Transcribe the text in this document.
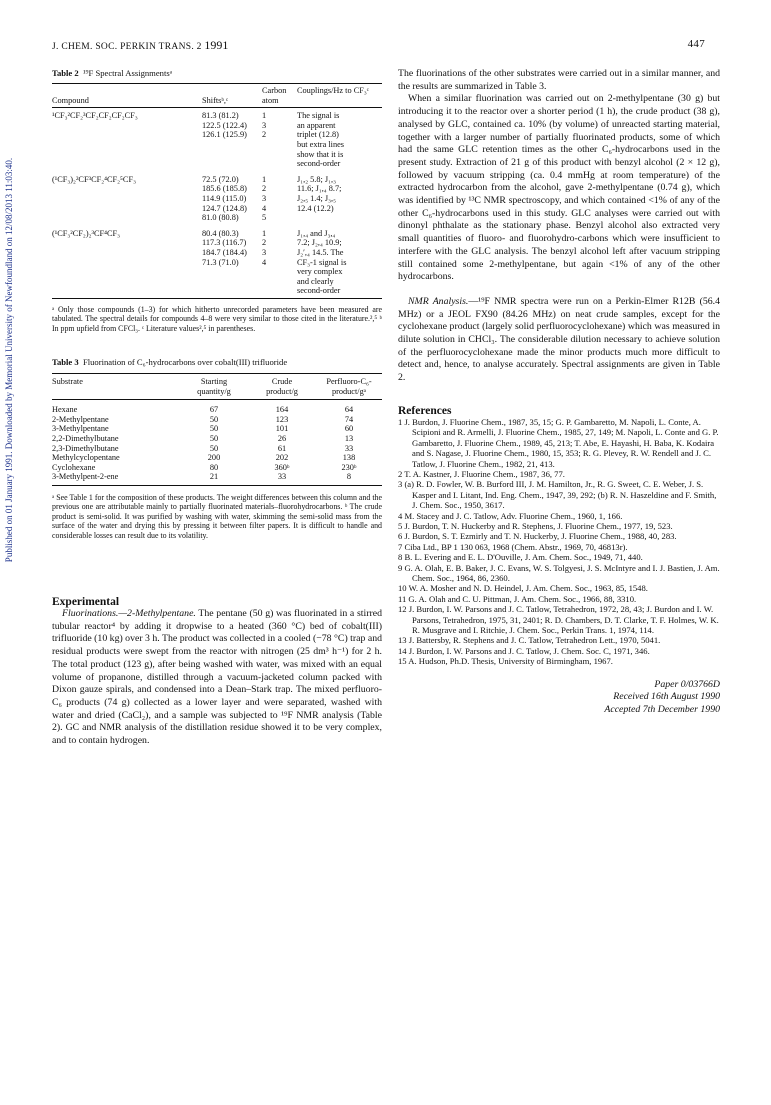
J. CHEM. SOC. PERKIN TRANS. 2 1991	447
Published on 01 January 1991. Downloaded by Memorial University of Newfoundland on 12/08/2013 11:03:40.
Table 2 ¹⁹F Spectral Assignmentsᵃ
Compound	Shiftsᵇ,ᶜ	Carbon atom	Couplings/Hz to CF₃ᶜ

¹CF₃²CF₂³CF₂CF₂CF₂CF₃	81.3 (81.2)	1	The signal is
	122.5 (122.4)	3	an apparent
	126.1 (125.9)	2	triplet (12.8)
			but extra lines
			show that it is
			second-order

(¹CF₃)₂²CF³CF₂⁴CF₂⁵CF₃	72.5 (72.0)	1	J₁,₂ 5.8; J₁,₃
	185.6 (185.8)	2	11.6; J₁,₄ 8.7;
	114.9 (115.0)	3	J₂,₅ 1.4; J₃,₅
	124.7 (124.8)	4	12.4 (12.2)
	81.0 (80.8)	5	

(¹CF₃²CF₂)₂³CF⁴CF₃	80.4 (80.3)	1	J₁,₄ and J₃,₄
	117.3 (116.7)	2	7.2; J₂,₄ 10.9;
	184.7 (184.4)	3	J₂′,₄ 14.5. The
	71.3 (71.0)	4	CF₃-1 signal is
			very complex
			and clearly
			second-order
ᵃ Only those compounds (1–3) for which hitherto unrecorded parameters have been measured are tabulated. The spectral details for compounds 4–8 were very similar to those cited in the literature.²,⁵ ᵇ In ppm upfield from CFCl₃. ᶜ Literature values²,⁵ in parentheses.
Table 3 Fluorination of C₆-hydrocarbons over cobalt(III) trifluoride
Substrate	Starting	Crude	Perfluoro-C₆-
	quantity/g	product/g	product/gᵃ

Hexane	67	164	64
2-Methylpentane	50	123	74
3-Methylpentane	50	101	60
2,2-Dimethylbutane	50	26	13
2,3-Dimethylbutane	50	61	33
Methylcyclopentane	200	202	138
Cyclohexane	80	360ᵇ	230ᵇ
3-Methylpent-2-ene	21	33	8
ᵃ See Table 1 for the composition of these products. The weight differences between this column and the previous one are attributable mainly to partially fluorinated materials–fluorohydrocarbons. ᵇ The crude product is semi-solid. It was purified by washing with water, skimming the semi-solid mass from the surface of the water and drying this by pressing it between filter papers. It is difficult to handle and considerable losses can result due to its volatility.
Experimental

Fluorinations.—2-Methylpentane. The pentane (50 g) was fluorinated in a stirred tubular reactor⁴ by adding it dropwise to a heated (360 °C) bed of cobalt(III) trifluoride (10 kg) over 3 h. The product was collected in a cooled (−78 °C) trap and residual products were swept from the reactor with nitrogen (25 dm³ h⁻¹) for 2 h. The total product (123 g), after being washed with water, was mixed with an equal volume of propanone, distilled through a vacuum-jacketed column packed with Dixon gauze spirals, and condensed into a Dean–Stark trap. The mixed perfluoro-C₆ products (74 g) collected as a lower layer and were separated, washed with water and dried (CaCl₂), and a sample was subjected to ¹⁹F NMR analysis (Table 2). GC and NMR analysis of the distillation residue showed it to be very complex, and to contain hydrogen.

The fluorinations of the other substrates were carried out in a similar manner, and the results are summarized in Table 3.

When a similar fluorination was carried out on 2-methylpentane (30 g) but introducing it to the reactor over a shorter period (1 h), the crude product (38 g), analysed by GLC, contained ca. 10% (by volume) of unreacted starting material, together with a larger number of partially fluorinated products, some of which had the same GLC retention times as the other C₆-hydrocarbons used in the present study. Extraction of 21 g of this product with benzyl alcohol (2 × 12 g), followed by vacuum stripping (ca. 0.4 mmHg at room temperature) of the extracted hydrocarbon from the alcohol, gave 2-methylpentane (0.74 g), which was identified by ¹³C NMR spectroscopy, and which contained <1% of any of the other C₆-hydrocarbons used in this study. GLC analyses were carried out with dinonyl phthalate as the stationary phase. Benzyl alcohol also extracted very small quantities of fluoro- and fluorohydro-carbons which were insufficient to interfere with the GLC analysis. The benzyl alcohol left after vacuum stripping still contained some 2-methylpentane, but again <1% of any of the other hydrocarbons.

NMR Analysis.—¹⁹F NMR spectra were run on a Perkin-Elmer R12B (56.4 MHz) or a JEOL FX90 (84.26 MHz) on neat crude samples, except for the cyclohexane product (largely solid perfluorocyclohexane) which was measured in dilute solution in CHCl₃. The considerable dilution necessary to achieve solution of the perfluorocyclohexane made the minor products much more difficult to detect and, hence, to analyse accurately. Spectral assignments are given in Table 2.

References
1 J. Burdon, J. Fluorine Chem., 1987, 35, 15; G. P. Gambaretto, M. Napoli, L. Conte, A. Scipioni and R. Armelli, J. Fluorine Chem., 1985, 27, 149; M. Napoli, L. Conte and G. P. Gambaretto, J. Fluorine Chem., 1989, 45, 213; T. Abe, E. Hayashi, H. Baba, K. Kodaira and S. Nagase, J. Fluorine Chem., 1980, 15, 353; R. G. Plevey, R. W. Rendell and J. C. Tatlow, J. Fluorine Chem., 1982, 21, 413.
2 T. A. Kastner, J. Fluorine Chem., 1987, 36, 77.
3 (a) R. D. Fowler, W. B. Burford III, J. M. Hamilton, Jr., R. G. Sweet, C. E. Weber, J. S. Kasper and I. Litant, Ind. Eng. Chem., 1947, 39, 292; (b) R. N. Haszeldine and F. Smith, J. Chem. Soc., 1950, 3617.
4 M. Stacey and J. C. Tatlow, Adv. Fluorine Chem., 1960, 1, 166.
5 J. Burdon, T. N. Huckerby and R. Stephens, J. Fluorine Chem., 1977, 19, 523.
6 J. Burdon, S. T. Ezmirly and T. N. Huckerby, J. Fluorine Chem., 1988, 40, 283.
7 Ciba Ltd., BP 1 130 063, 1968 (Chem. Abstr., 1969, 70, 46813r).
8 B. L. Evering and E. L. D'Ouville, J. Am. Chem. Soc., 1949, 71, 440.
9 G. A. Olah, E. B. Baker, J. C. Evans, W. S. Tolgyesi, J. S. McIntyre and I. J. Bastien, J. Am. Chem. Soc., 1964, 86, 2360.
10 W. A. Mosher and N. D. Heindel, J. Am. Chem. Soc., 1963, 85, 1548.
11 G. A. Olah and C. U. Pittman, J. Am. Chem. Soc., 1966, 88, 3310.
12 J. Burdon, I. W. Parsons and J. C. Tatlow, Tetrahedron, 1972, 28, 43; J. Burdon and I. W. Parsons, Tetrahedron, 1975, 31, 2401; R. D. Chambers, D. T. Clarke, T. F. Holmes, W. K. R. Musgrave and I. Ritchie, J. Chem. Soc., Perkin Trans. 1, 1974, 114.
13 J. Battersby, R. Stephens and J. C. Tatlow, Tetrahedron Lett., 1970, 5041.
14 J. Burdon, I. W. Parsons and J. C. Tatlow, J. Chem. Soc. C, 1971, 346.
15 A. Hudson, Ph.D. Thesis, University of Birmingham, 1967.
Paper 0/03766D
Received 16th August 1990
Accepted 7th December 1990
